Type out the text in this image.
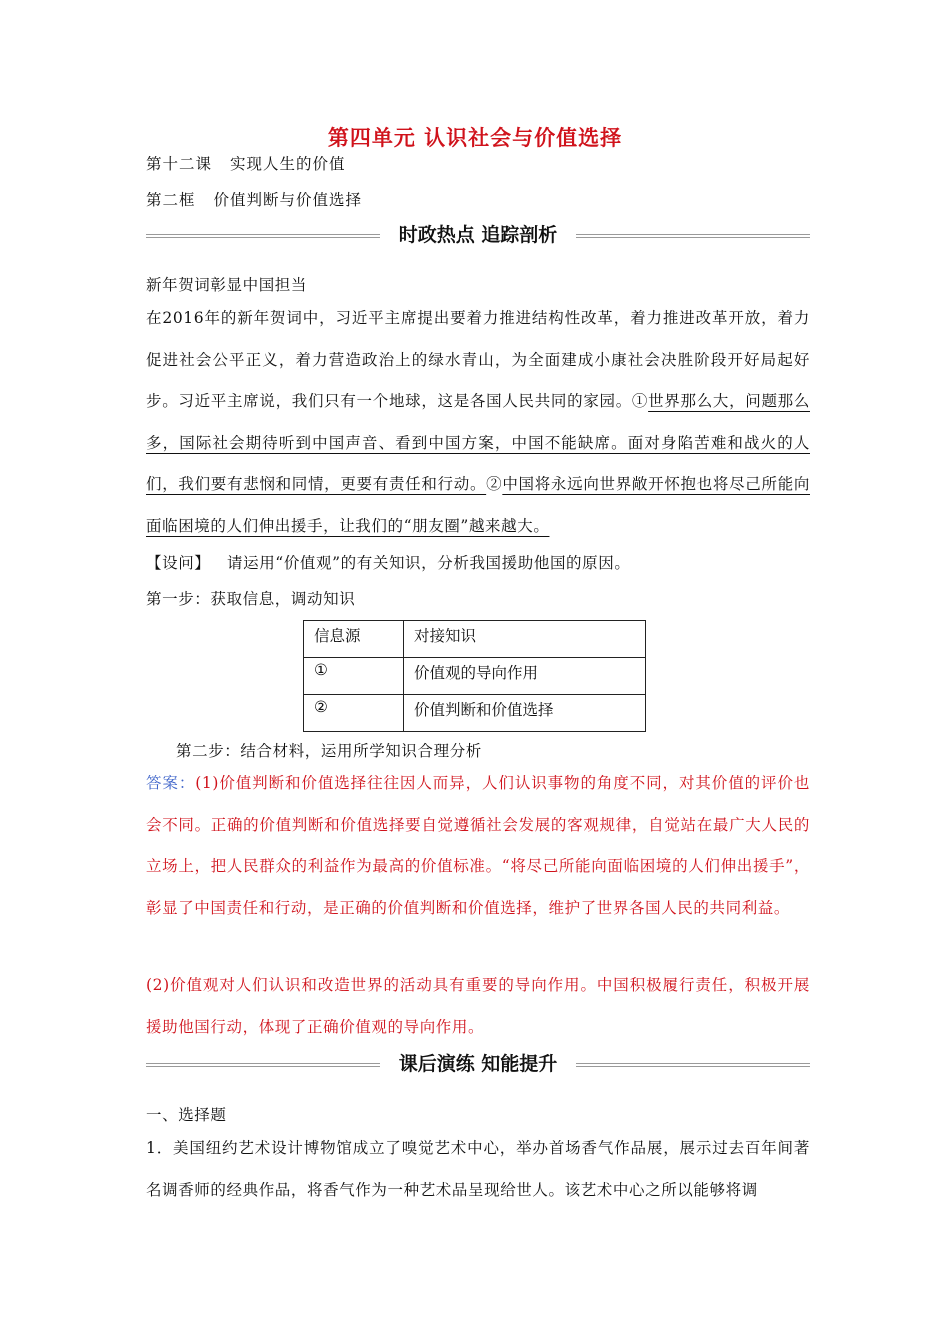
第四单元 认识社会与价值选择
第十二课 实现人生的价值
第二框 价值判断与价值选择
时政热点 追踪剖析
新年贺词彰显中国担当
在2016年的新年贺词中，习近平主席提出要着力推进结构性改革，着力推进改革开放，着力促进社会公平正义，着力营造政治上的绿水青山，为全面建成小康社会决胜阶段开好局起好步。习近平主席说，我们只有一个地球，这是各国人民共同的家园。①世界那么大，问题那么多，国际社会期待听到中国声音、看到中国方案，中国不能缺席。面对身陷苦难和战火的人们，我们要有悲悯和同情，更要有责任和行动。②中国将永远向世界敞开怀抱也将尽己所能向面临困境的人们伸出援手，让我们的“朋友圈”越来越大。
【设问】 请运用“价值观”的有关知识，分析我国援助他国的原因。
第一步：获取信息，调动知识
信息源	对接知识
①	价值观的导向作用
②	价值判断和价值选择
第二步：结合材料，运用所学知识合理分析
答案：(1)价值判断和价值选择往往因人而异，人们认识事物的角度不同，对其价值的评价也会不同。正确的价值判断和价值选择要自觉遵循社会发展的客观规律，自觉站在最广大人民的立场上，把人民群众的利益作为最高的价值标准。“将尽己所能向面临困境的人们伸出援手”，彰显了中国责任和行动，是正确的价值判断和价值选择，维护了世界各国人民的共同利益。
(2)价值观对人们认识和改造世界的活动具有重要的导向作用。中国积极履行责任，积极开展援助他国行动，体现了正确价值观的导向作用。
课后演练 知能提升
一、选择题
1．美国纽约艺术设计博物馆成立了嗅觉艺术中心，举办首场香气作品展，展示过去百年间著名调香师的经典作品，将香气作为一种艺术品呈现给世人。该艺术中心之所以能够将调
